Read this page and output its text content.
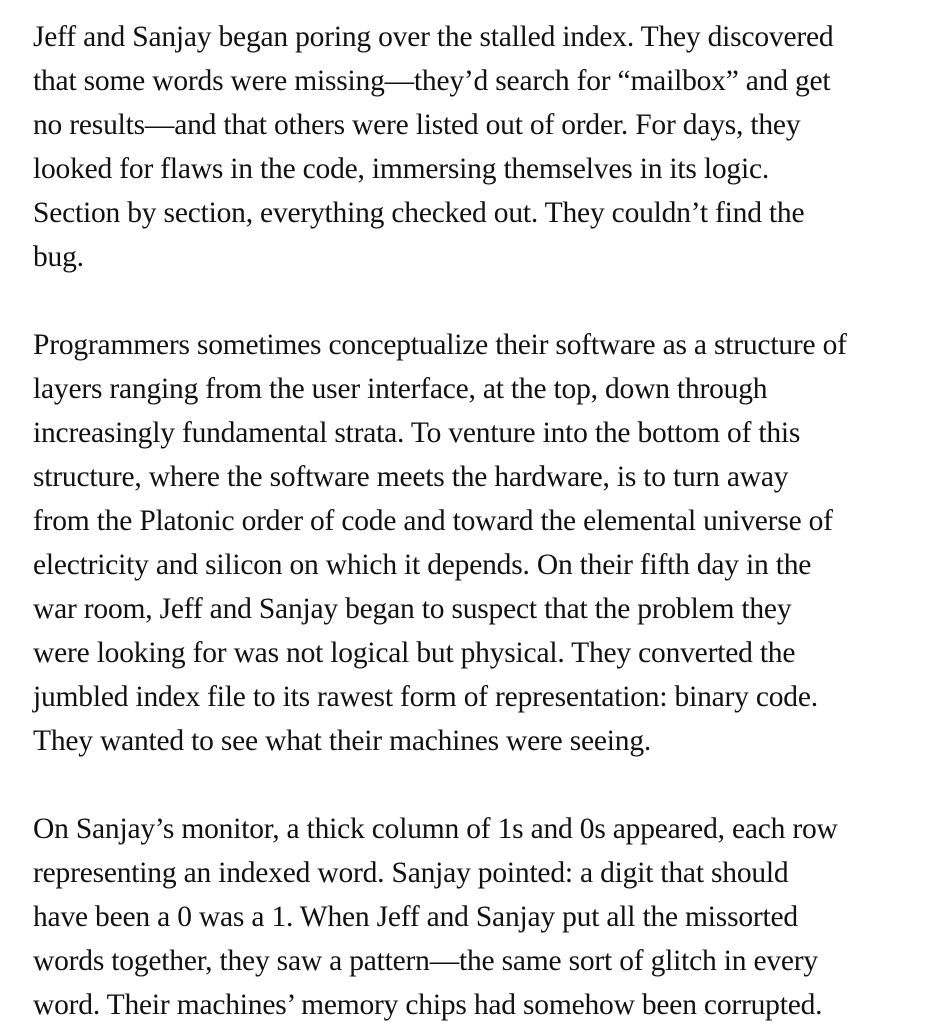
Jeff and Sanjay began poring over the stalled index. They discovered
that some words were missing—they’d search for “mailbox” and get
no results—and that others were listed out of order. For days, they
looked for flaws in the code, immersing themselves in its logic.
Section by section, everything checked out. They couldn’t find the
bug.

Programmers sometimes conceptualize their software as a structure of
layers ranging from the user interface, at the top, down through
increasingly fundamental strata. To venture into the bottom of this
structure, where the software meets the hardware, is to turn away
from the Platonic order of code and toward the elemental universe of
electricity and silicon on which it depends. On their fifth day in the
war room, Jeff and Sanjay began to suspect that the problem they
were looking for was not logical but physical. They converted the
jumbled index file to its rawest form of representation: binary code.
They wanted to see what their machines were seeing.

On Sanjay’s monitor, a thick column of 1s and 0s appeared, each row
representing an indexed word. Sanjay pointed: a digit that should
have been a 0 was a 1. When Jeff and Sanjay put all the missorted
words together, they saw a pattern—the same sort of glitch in every
word. Their machines’ memory chips had somehow been corrupted.
